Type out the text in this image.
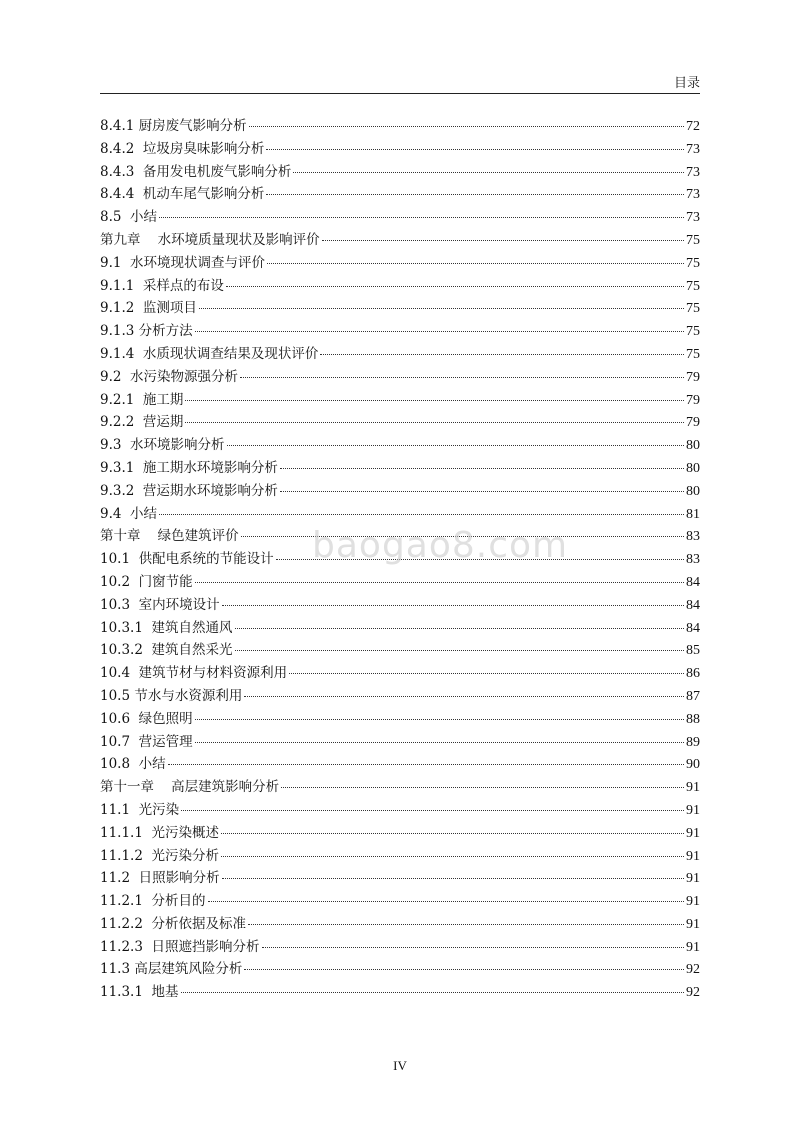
目录
8.4.1 厨房废气影响分析	72
8.4.2  垃圾房臭味影响分析	73
8.4.3  备用发电机废气影响分析	73
8.4.4  机动车尾气影响分析	73
8.5  小结	73
第九章    水环境质量现状及影响评价	75
9.1  水环境现状调查与评价	75
9.1.1  采样点的布设	75
9.1.2  监测项目	75
9.1.3 分析方法	75
9.1.4  水质现状调查结果及现状评价	75
9.2  水污染物源强分析	79
9.2.1  施工期	79
9.2.2  营运期	79
9.3  水环境影响分析	80
9.3.1  施工期水环境影响分析	80
9.3.2  营运期水环境影响分析	80
9.4  小结	81
第十章    绿色建筑评价	83
10.1  供配电系统的节能设计	83
10.2  门窗节能	84
10.3  室内环境设计	84
10.3.1  建筑自然通风	84
10.3.2  建筑自然采光	85
10.4  建筑节材与材料资源利用	86
10.5 节水与水资源利用	87
10.6  绿色照明	88
10.7  营运管理	89
10.8  小结	90
第十一章    高层建筑影响分析	91
11.1  光污染	91
11.1.1  光污染概述	91
11.1.2  光污染分析	91
11.2  日照影响分析	91
11.2.1  分析目的	91
11.2.2  分析依据及标准	91
11.2.3  日照遮挡影响分析	91
11.3 高层建筑风险分析	92
11.3.1  地基	92
baogao8.com
IV
